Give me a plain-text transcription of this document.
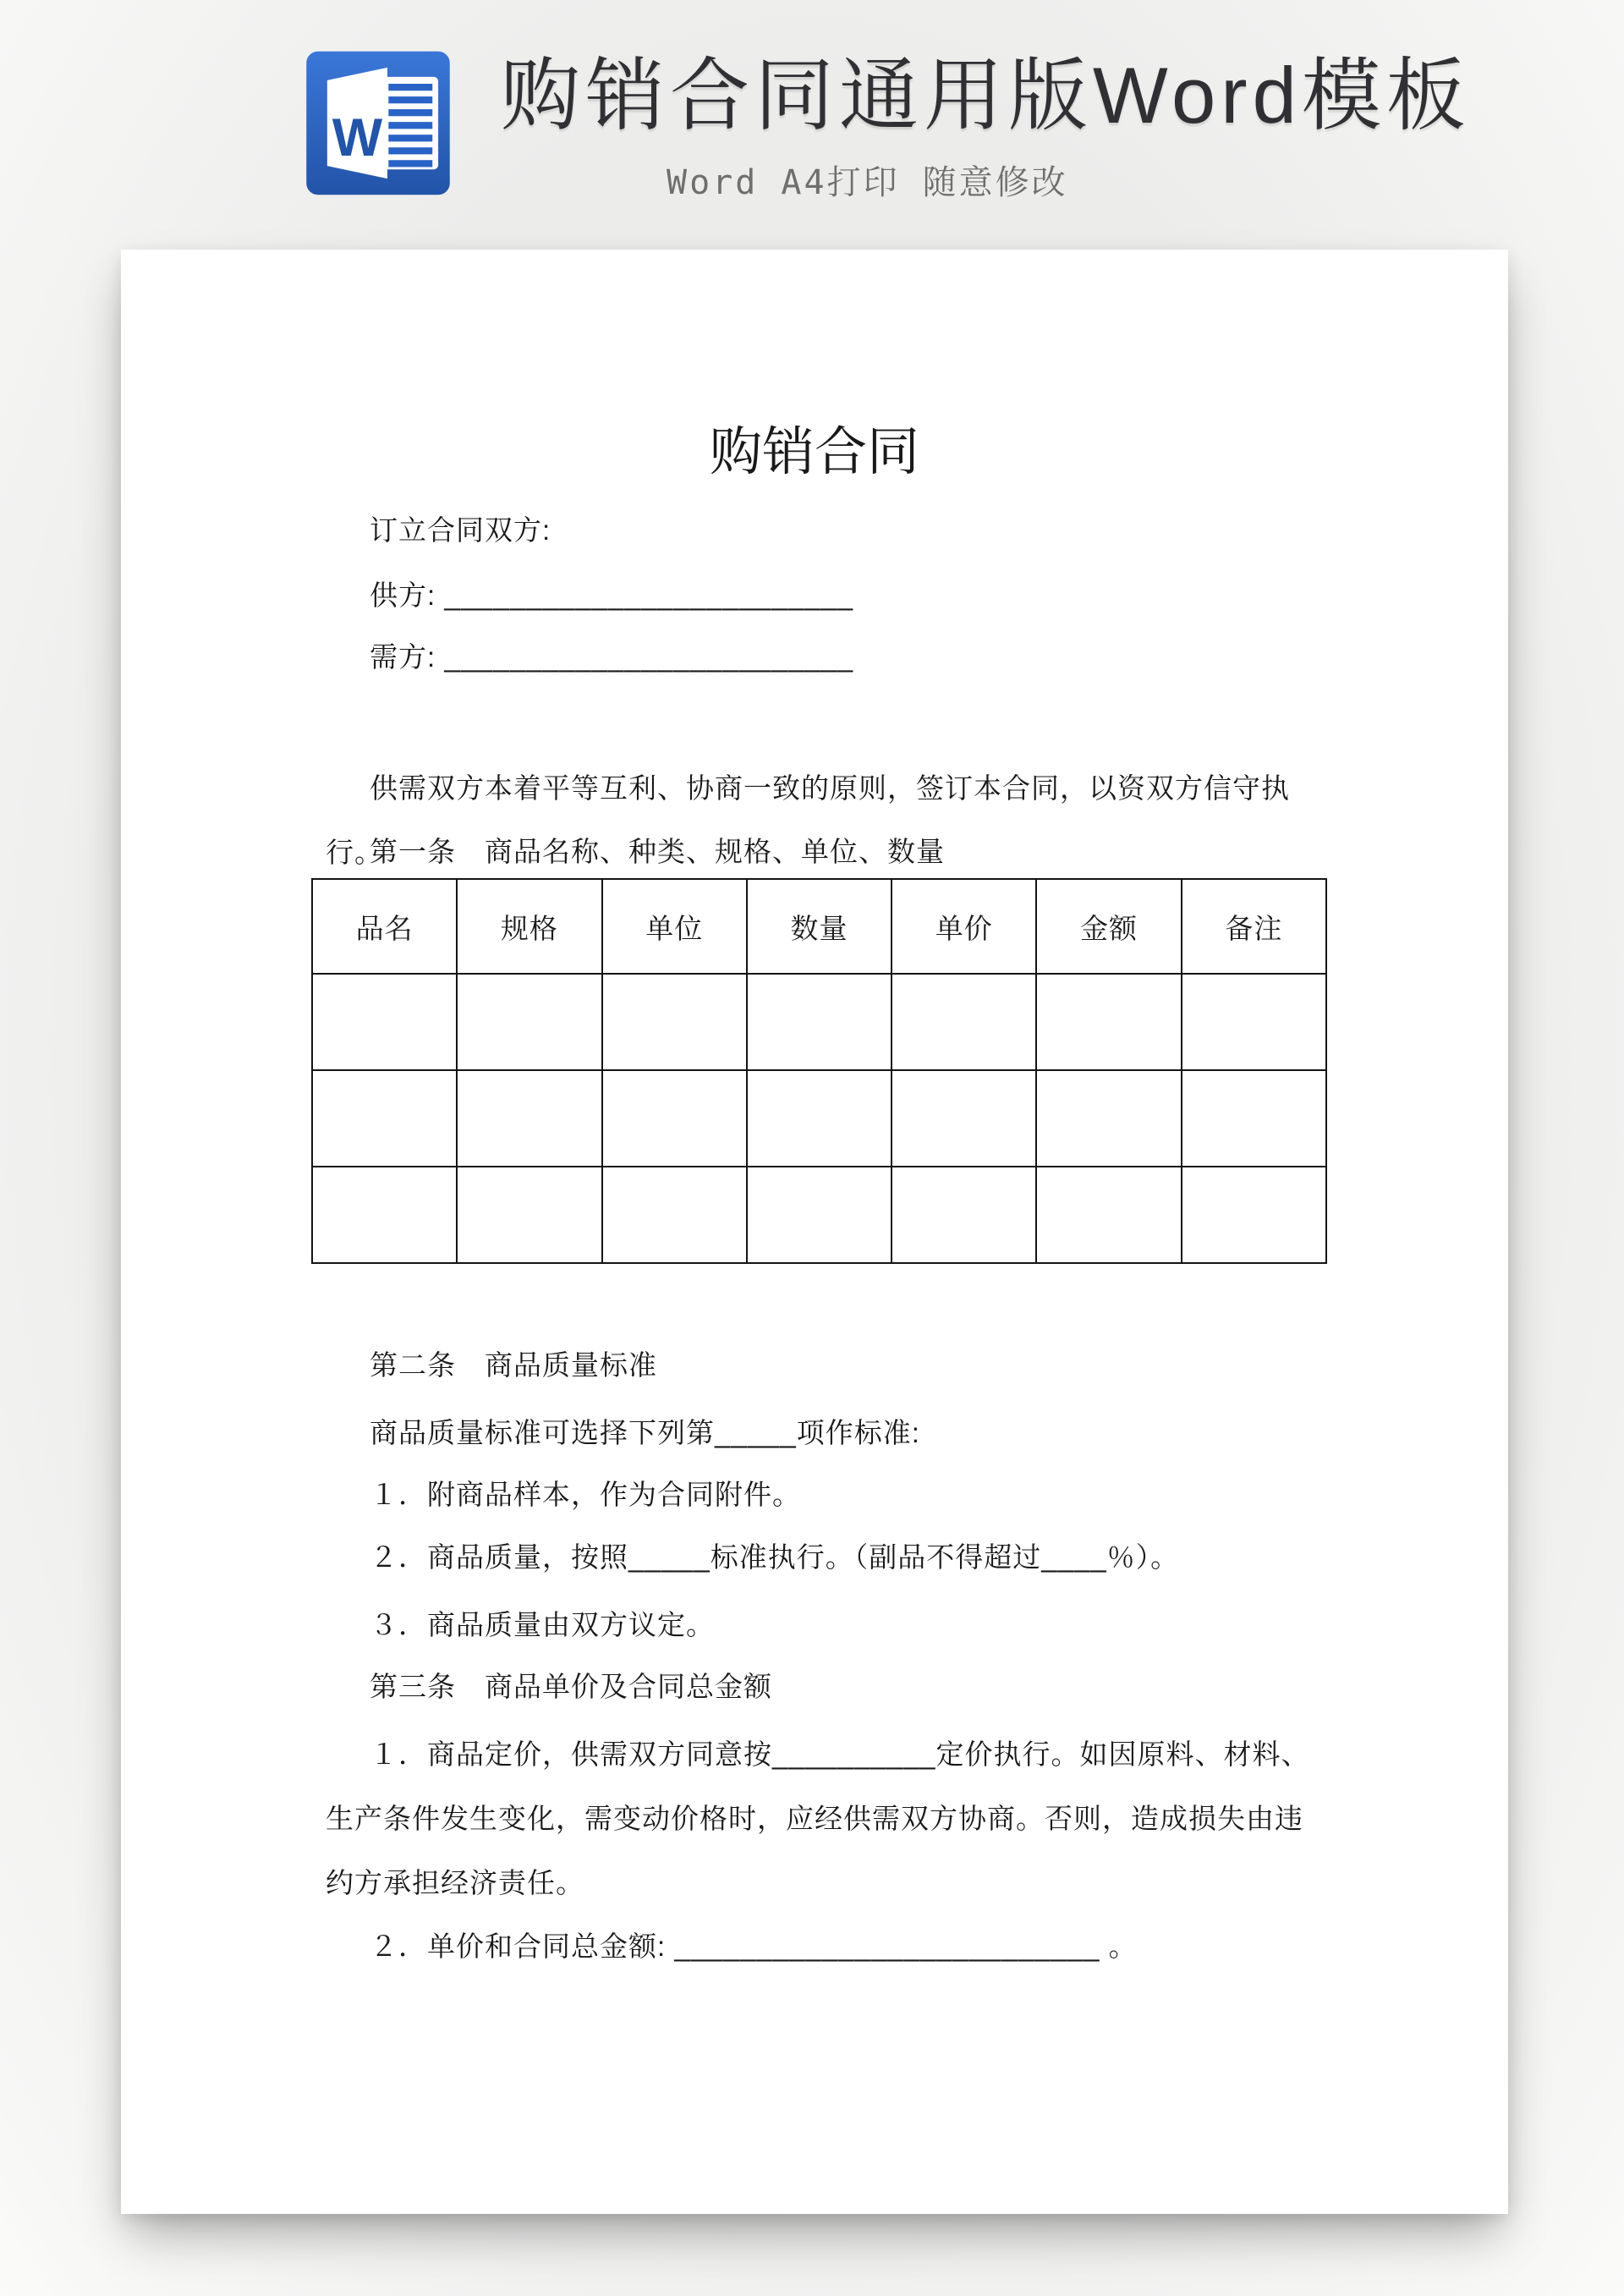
W 购销合同通用版Word模板
Word A4打印 随意修改
购销合同
订立合同双方:
供方: _________________________
需方: _________________________
供需双方本着平等互利、协商一致的原则，签订本合同，以资双方信守执行。
第一条　商品名称、种类、规格、单位、数量
品名	规格	单位	数量	单价	金额	备注

第二条　商品质量标准
商品质量标准可选择下列第_____项作标准:
１．附商品样本，作为合同附件。
２．商品质量，按照_____标准执行。（副品不得超过____％）。
３．商品质量由双方议定。
第三条　商品单价及合同总金额
１．商品定价，供需双方同意按__________定价执行。如因原料、材料、生产条件发生变化，需变动价格时，应经供需双方协商。否则，造成损失由违约方承担经济责任。
２．单价和合同总金额: __________________________ 。
